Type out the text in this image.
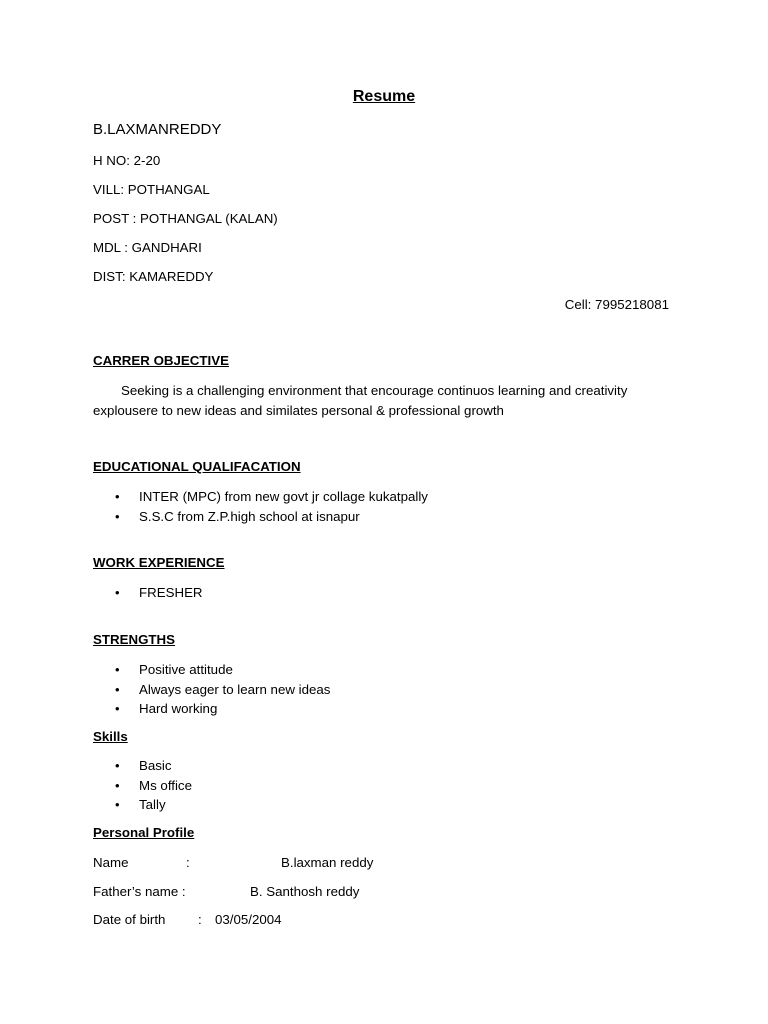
Resume
B.LAXMANREDDY
H NO: 2-20
VILL: POTHANGAL
POST : POTHANGAL (KALAN)
MDL : GANDHARI
DIST: KAMAREDDY
Cell: 7995218081
CARRER OBJECTIVE
Seeking is a challenging environment that encourage continuos learning and creativity explousere to new ideas and similates personal & professional growth
EDUCATIONAL QUALIFACATION
• INTER (MPC) from new govt jr collage kukatpally
• S.S.C from Z.P.high school at isnapur
WORK EXPERIENCE
• FRESHER
STRENGTHS
• Positive attitude
• Always eager to learn new ideas
• Hard working
Skills
• Basic
• Ms office
• Tally
Personal Profile
Name	:	B.laxman reddy
Father’s name :	B. Santhosh reddy
Date of birth : 03/05/2004
